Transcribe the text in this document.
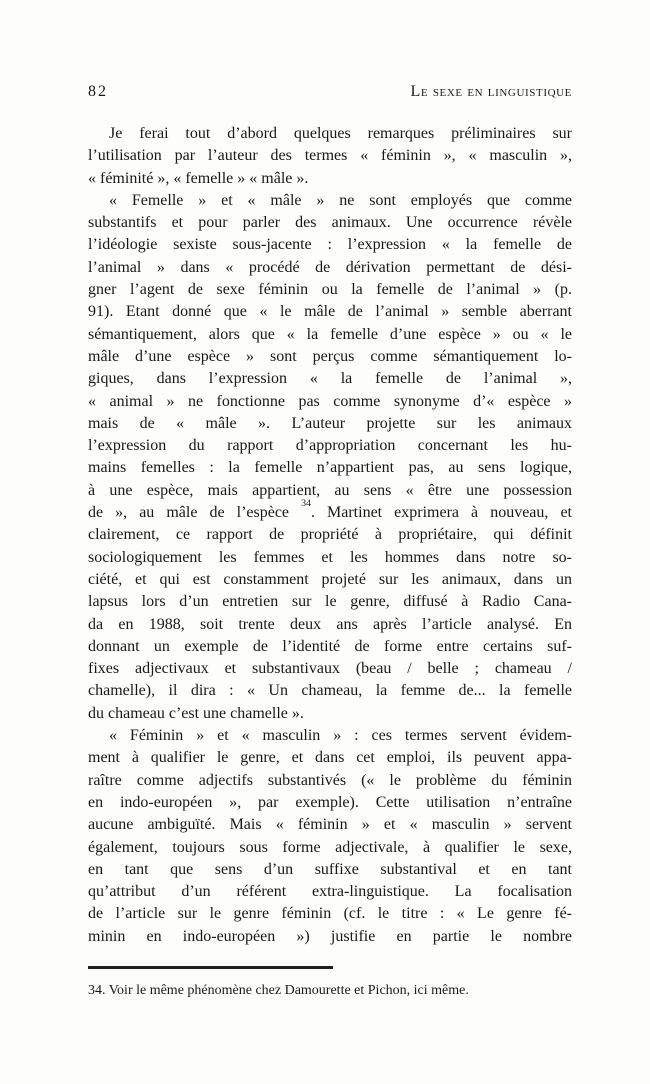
82	Le sexe en linguistique
Je ferai tout d’abord quelques remarques préliminaires sur
l’utilisation par l’auteur des termes « féminin », « masculin »,
« féminité », « femelle » « mâle ».
« Femelle » et « mâle » ne sont employés que comme
substantifs et pour parler des animaux. Une occurrence révèle
l’idéologie sexiste sous-jacente : l’expression « la femelle de
l’animal » dans « procédé de dérivation permettant de dési-
gner l’agent de sexe féminin ou la femelle de l’animal » (p.
91). Etant donné que « le mâle de l’animal » semble aberrant
sémantiquement, alors que « la femelle d’une espèce » ou « le
mâle d’une espèce » sont perçus comme sémantiquement lo-
giques, dans l’expression « la femelle de l’animal »,
« animal » ne fonctionne pas comme synonyme d’« espèce »
mais de « mâle ». L’auteur projette sur les animaux
l’expression du rapport d’appropriation concernant les hu-
mains femelles : la femelle n’appartient pas, au sens logique,
à une espèce, mais appartient, au sens « être une possession
de », au mâle de l’espèce $^{34}$. Martinet exprimera à nouveau, et
clairement, ce rapport de propriété à propriétaire, qui définit
sociologiquement les femmes et les hommes dans notre so-
ciété, et qui est constamment projeté sur les animaux, dans un
lapsus lors d’un entretien sur le genre, diffusé à Radio Cana-
da en 1988, soit trente deux ans après l’article analysé. En
donnant un exemple de l’identité de forme entre certains suf-
fixes adjectivaux et substantivaux (beau / belle ; chameau /
chamelle), il dira : « Un chameau, la femme de... la femelle
du chameau c’est une chamelle ».
« Féminin » et « masculin » : ces termes servent évidem-
ment à qualifier le genre, et dans cet emploi, ils peuvent appa-
raître comme adjectifs substantivés (« le problème du féminin
en indo-européen », par exemple). Cette utilisation n’entraîne
aucune ambiguïté. Mais « féminin » et « masculin » servent
également, toujours sous forme adjectivale, à qualifier le sexe,
en tant que sens d’un suffixe substantival et en tant
qu’attribut d’un référent extra-linguistique. La focalisation
de l’article sur le genre féminin (cf. le titre : « Le genre fé-
minin en indo-européen ») justifie en partie le nombre
34. Voir le même phénomène chez Damourette et Pichon, ici même.
